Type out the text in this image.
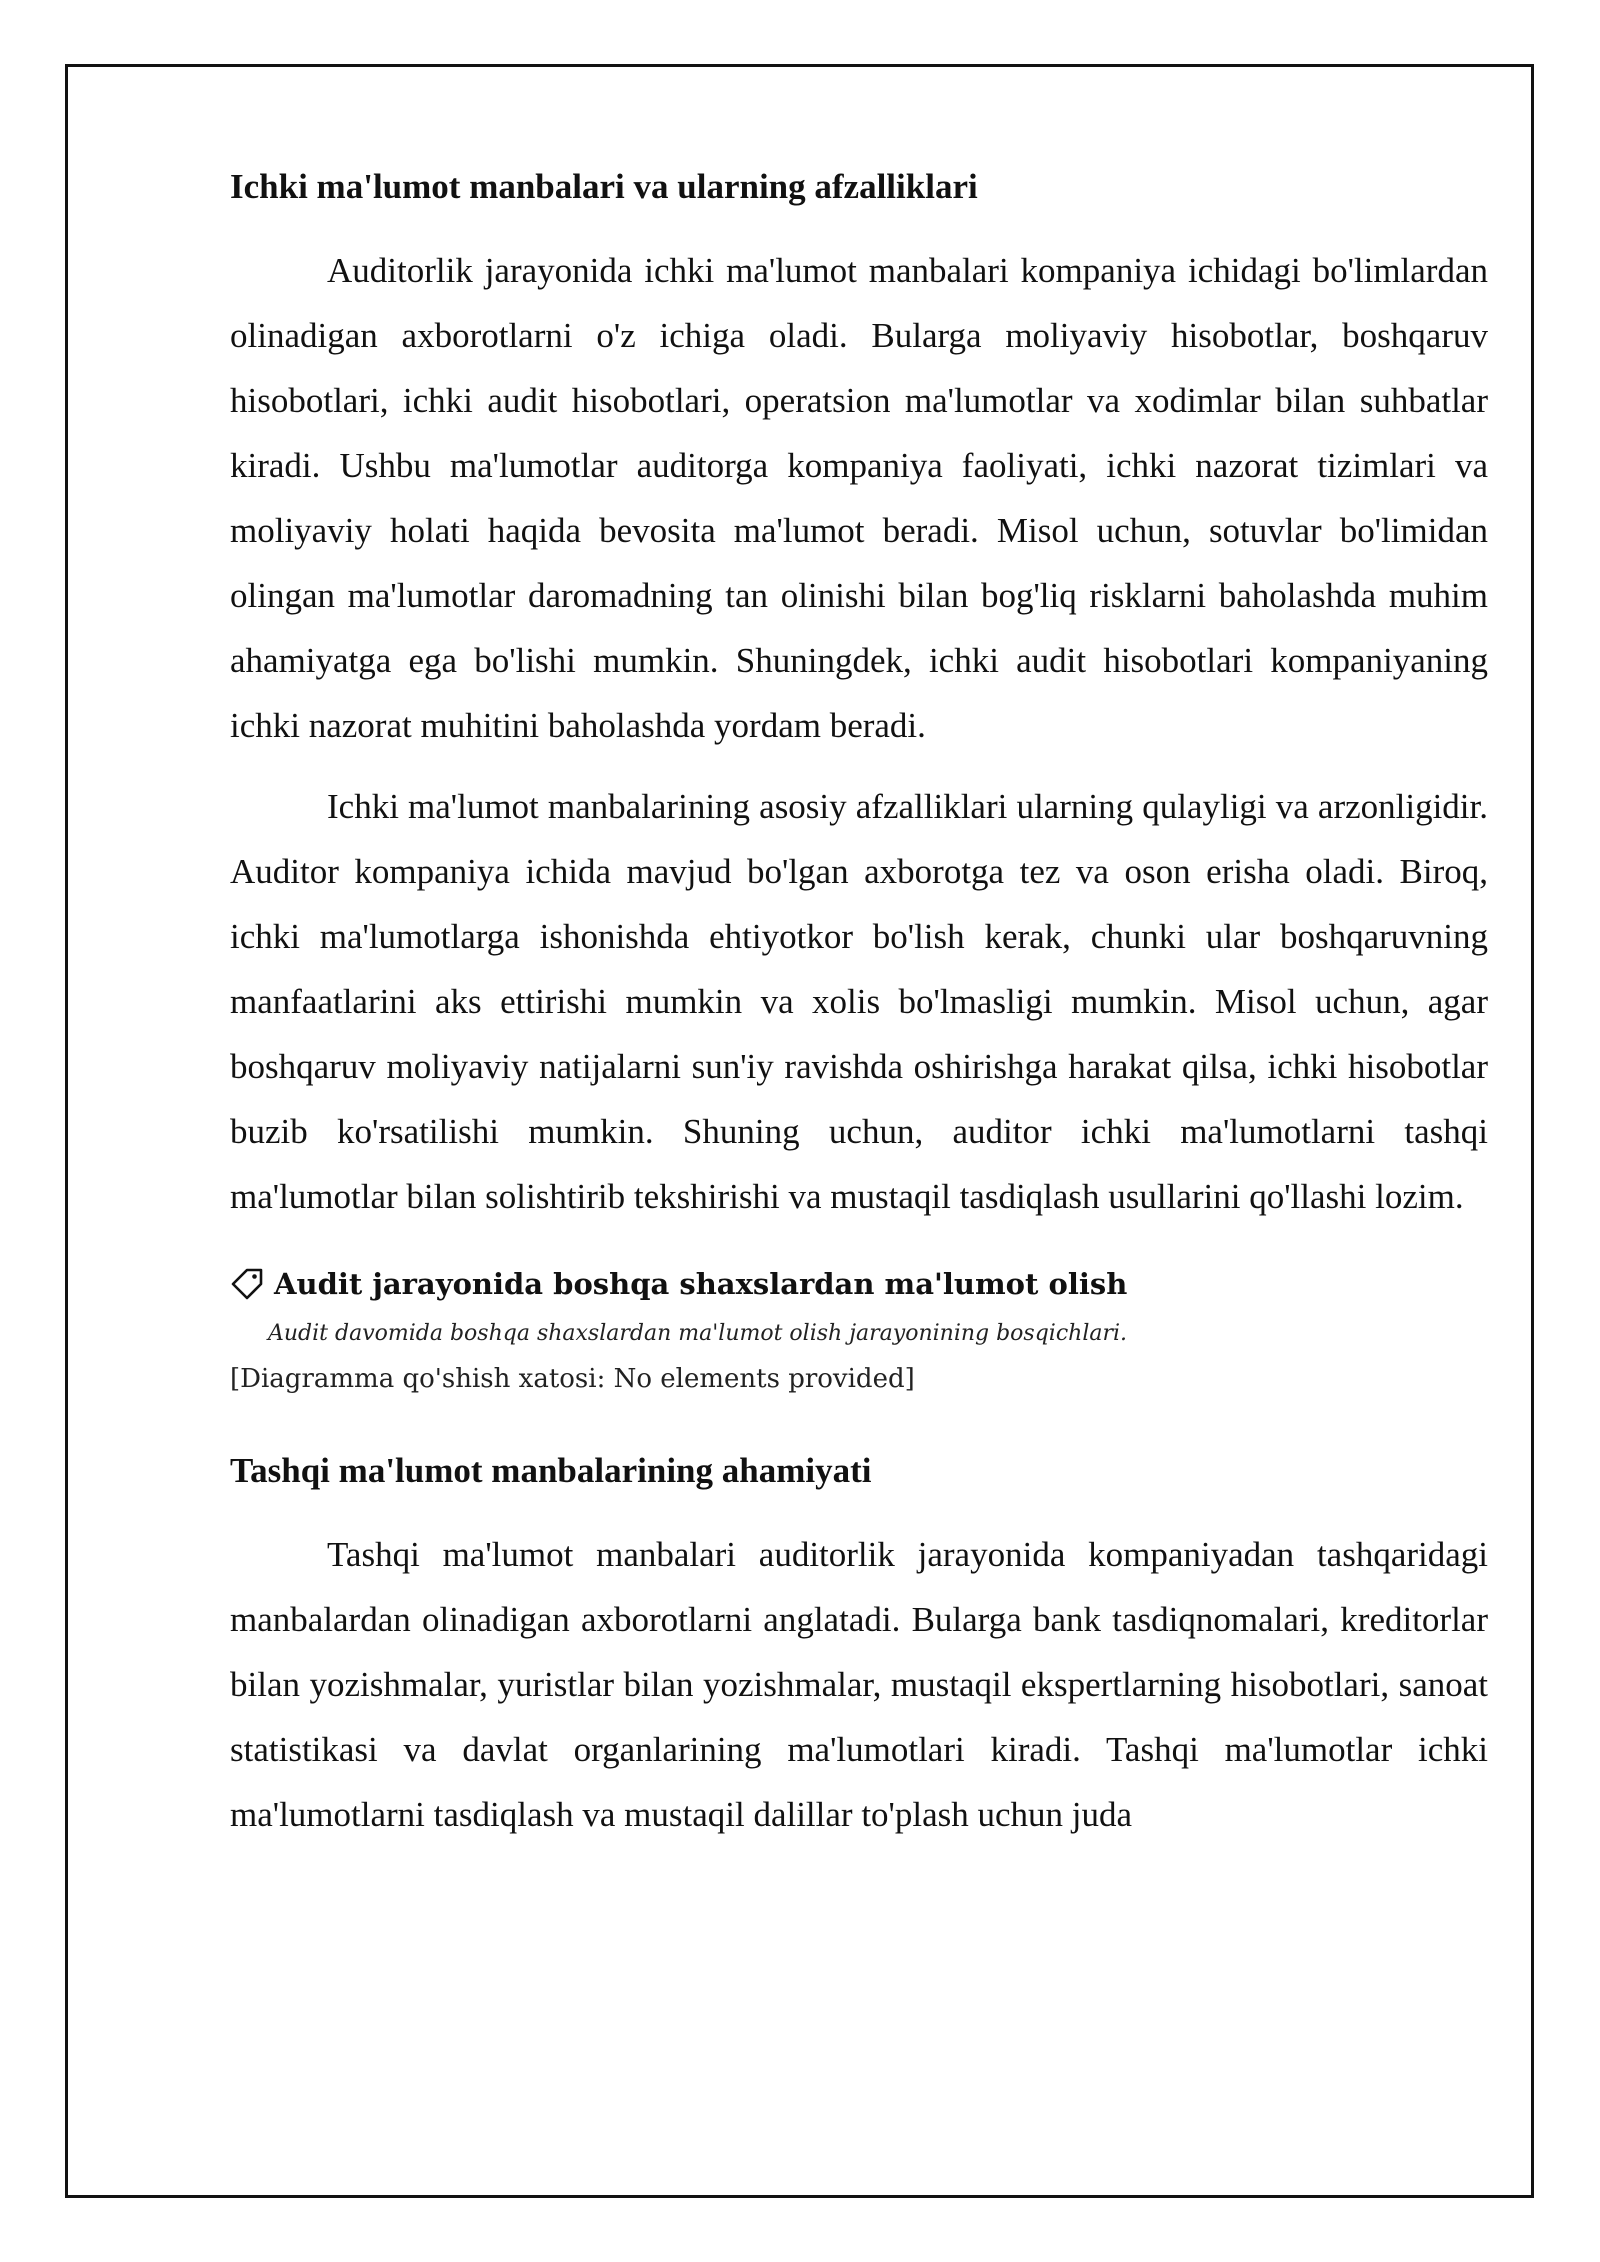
Ichki ma'lumot manbalari va ularning afzalliklari

Auditorlik jarayonida ichki ma'lumot manbalari kompaniya ichidagi bo'limlardan olinadigan axborotlarni o'z ichiga oladi. Bularga moliyaviy hisobotlar, boshqaruv hisobotlari, ichki audit hisobotlari, operatsion ma'lumotlar va xodimlar bilan suhbatlar kiradi. Ushbu ma'lumotlar auditorga kompaniya faoliyati, ichki nazorat tizimlari va moliyaviy holati haqida bevosita ma'lumot beradi. Misol uchun, sotuvlar bo'limidan olingan ma'lumotlar daromadning tan olinishi bilan bog'liq risklarni baholashda muhim ahamiyatga ega bo'lishi mumkin. Shuningdek, ichki audit hisobotlari kompaniyaning ichki nazorat muhitini baholashda yordam beradi.

Ichki ma'lumot manbalarining asosiy afzalliklari ularning qulayligi va arzonligidir. Auditor kompaniya ichida mavjud bo'lgan axborotga tez va oson erisha oladi. Biroq, ichki ma'lumotlarga ishonishda ehtiyotkor bo'lish kerak, chunki ular boshqaruvning manfaatlarini aks ettirishi mumkin va xolis bo'lmasligi mumkin. Misol uchun, agar boshqaruv moliyaviy natijalarni sun'iy ravishda oshirishga harakat qilsa, ichki hisobotlar buzib ko'rsatilishi mumkin. Shuning uchun, auditor ichki ma'lumotlarni tashqi ma'lumotlar bilan solishtirib tekshirishi va mustaqil tasdiqlash usullarini qo'llashi lozim.

Audit jarayonida boshqa shaxslardan ma'lumot olish
Audit davomida boshqa shaxslardan ma'lumot olish jarayonining bosqichlari.
[Diagramma qo'shish xatosi: No elements provided]
Tashqi ma'lumot manbalarining ahamiyati

Tashqi ma'lumot manbalari auditorlik jarayonida kompaniyadan tashqaridagi manbalardan olinadigan axborotlarni anglatadi. Bularga bank tasdiqnomalari, kreditorlar bilan yozishmalar, yuristlar bilan yozishmalar, mustaqil ekspertlarning hisobotlari, sanoat statistikasi va davlat organlarining ma'lumotlari kiradi. Tashqi ma'lumotlar ichki ma'lumotlarni tasdiqlash va mustaqil dalillar to'plash uchun juda
